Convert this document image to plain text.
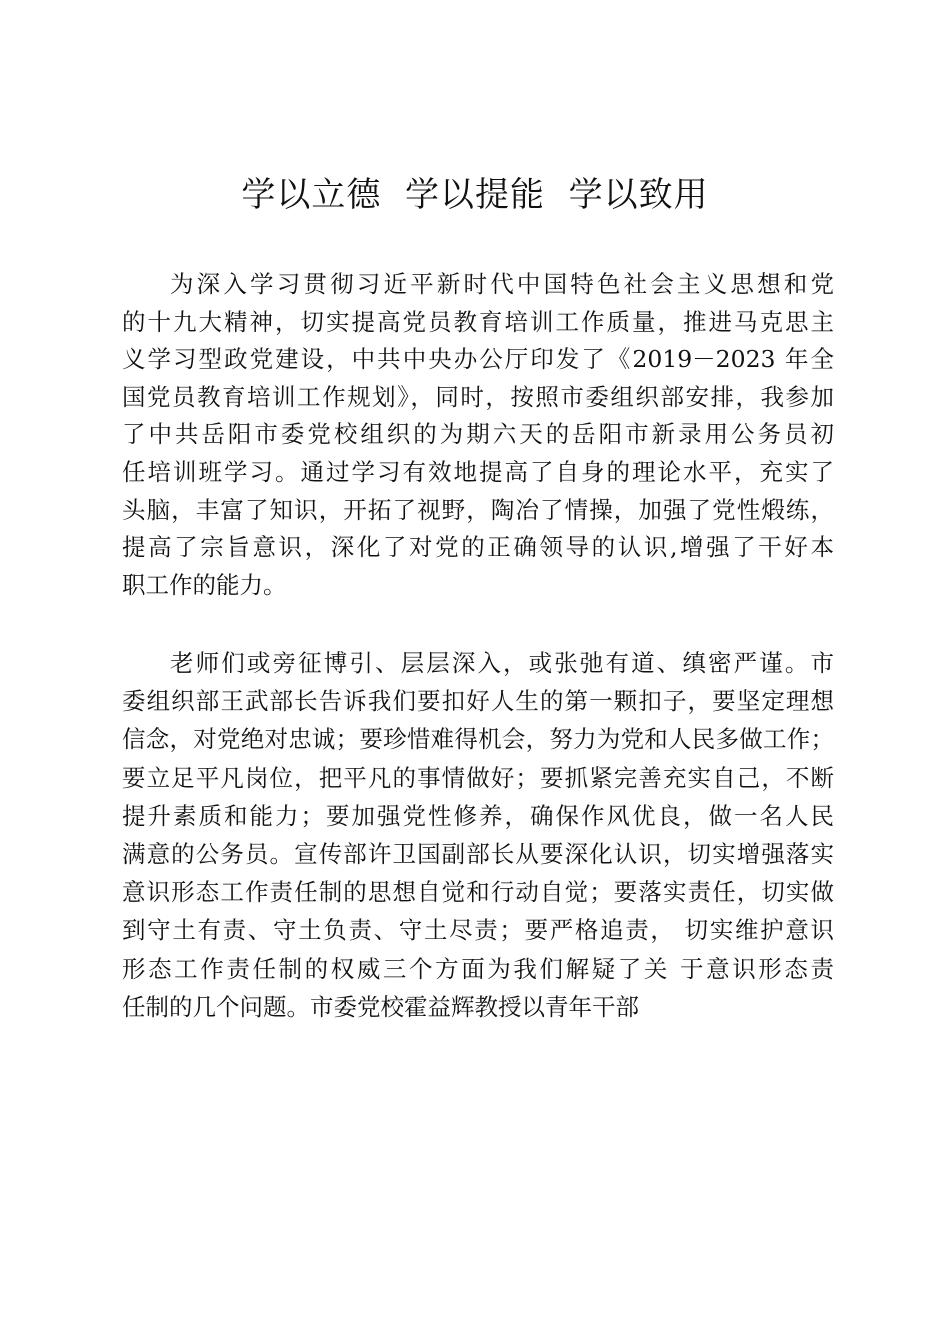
学以立德  学以提能  学以致用
为深入学习贯彻习近平新时代中国特色社会主义思想和党
的十九大精神，切实提高党员教育培训工作质量，推进马克思主
义学习型政党建设，中共中央办公厅印发了《2019－2023 年全
国党员教育培训工作规划》，同时，按照市委组织部安排，我参加
了中共岳阳市委党校组织的为期六天的岳阳市新录用公务员初
任培训班学习。通过学习有效地提高了自身的理论水平，充实了
头脑，丰富了知识，开拓了视野，陶冶了情操，加强了党性煅练，
提高了宗旨意识，深化了对党的正确领导的认识,增强了干好本
职工作的能力。
老师们或旁征博引、层层深入，或张弛有道、缜密严谨。市
委组织部王武部长告诉我们要扣好人生的第一颗扣子，要坚定理想
信念，对党绝对忠诚；要珍惜难得机会，努力为党和人民多做工作；
要立足平凡岗位，把平凡的事情做好；要抓紧完善充实自己，不断
提升素质和能力；要加强党性修养，确保作风优良，做一名人民
满意的公务员。宣传部许卫国副部长从要深化认识，切实增强落实
意识形态工作责任制的思想自觉和行动自觉；要落实责任，切实做
到守土有责、守土负责、守土尽责；要严格追责， 切实维护意识
形态工作责任制的权威三个方面为我们解疑了关 于意识形态责
任制的几个问题。市委党校霍益辉教授以青年干部
